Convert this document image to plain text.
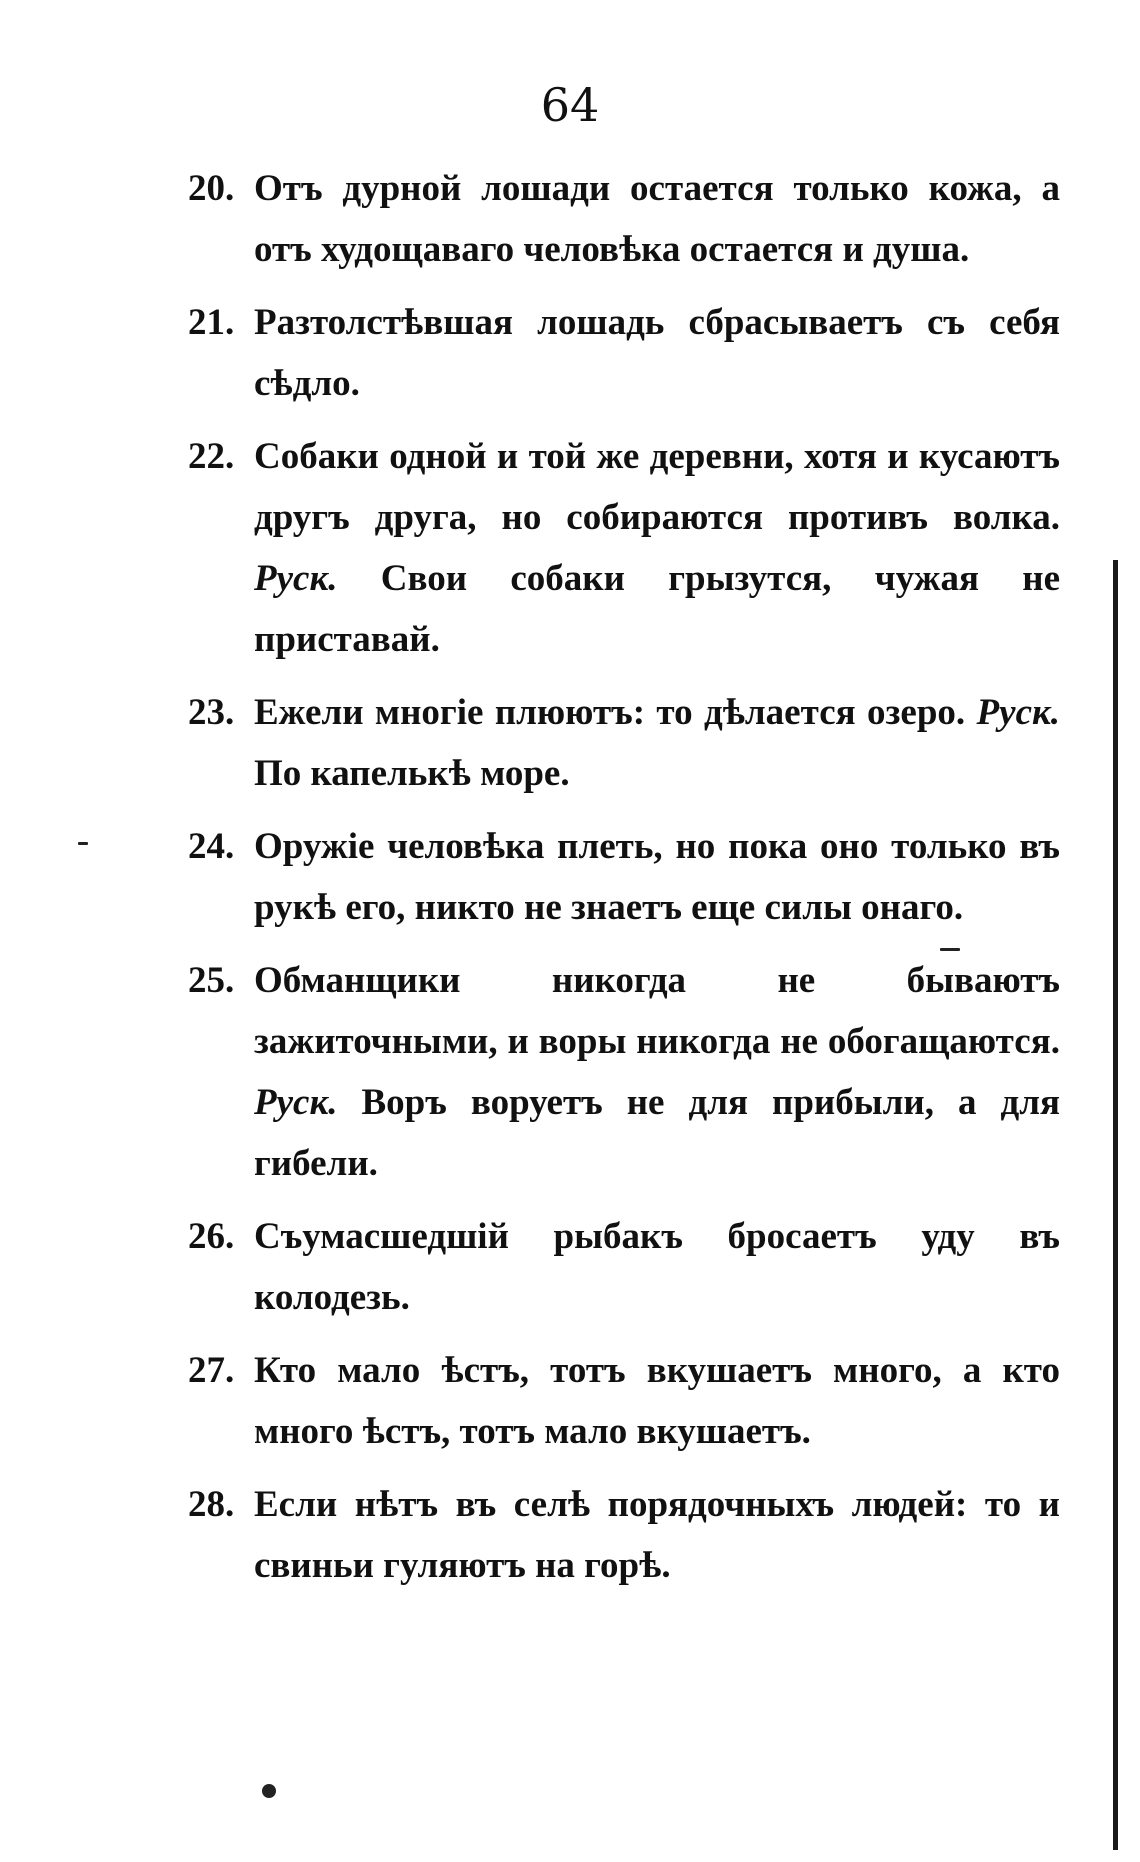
64
20. Отъ дурной лошади остается только кожа, а отъ худощаваго человѣка остается и душа.
21. Разтолстѣвшая лошадь сбрасываетъ съ себя сѣдло.
22. Собаки одной и той же деревни, хотя и кусаютъ другъ друга, но собираются противъ волка. Руск. Свои собаки грызутся, чужая не приставай.
23. Ежели многіе плюютъ: то дѣлается озеро. Руск. По капелькѣ море.
24. Оружіе человѣка плеть, но пока оно только въ рукѣ его, никто не знаетъ еще силы онаго.
25. Обманщики никогда не бываютъ зажиточными, и воры никогда не обогащаются. Руск. Воръ воруетъ не для прибыли, а для гибели.
26. Съумасшедшій рыбакъ бросаетъ уду въ колодезь.
27. Кто мало ѣстъ, тотъ вкушаетъ много, а кто много ѣстъ, тотъ мало вкушаетъ.
28. Если нѣтъ въ селѣ порядочныхъ людей: то и свиньи гуляютъ на горѣ.
